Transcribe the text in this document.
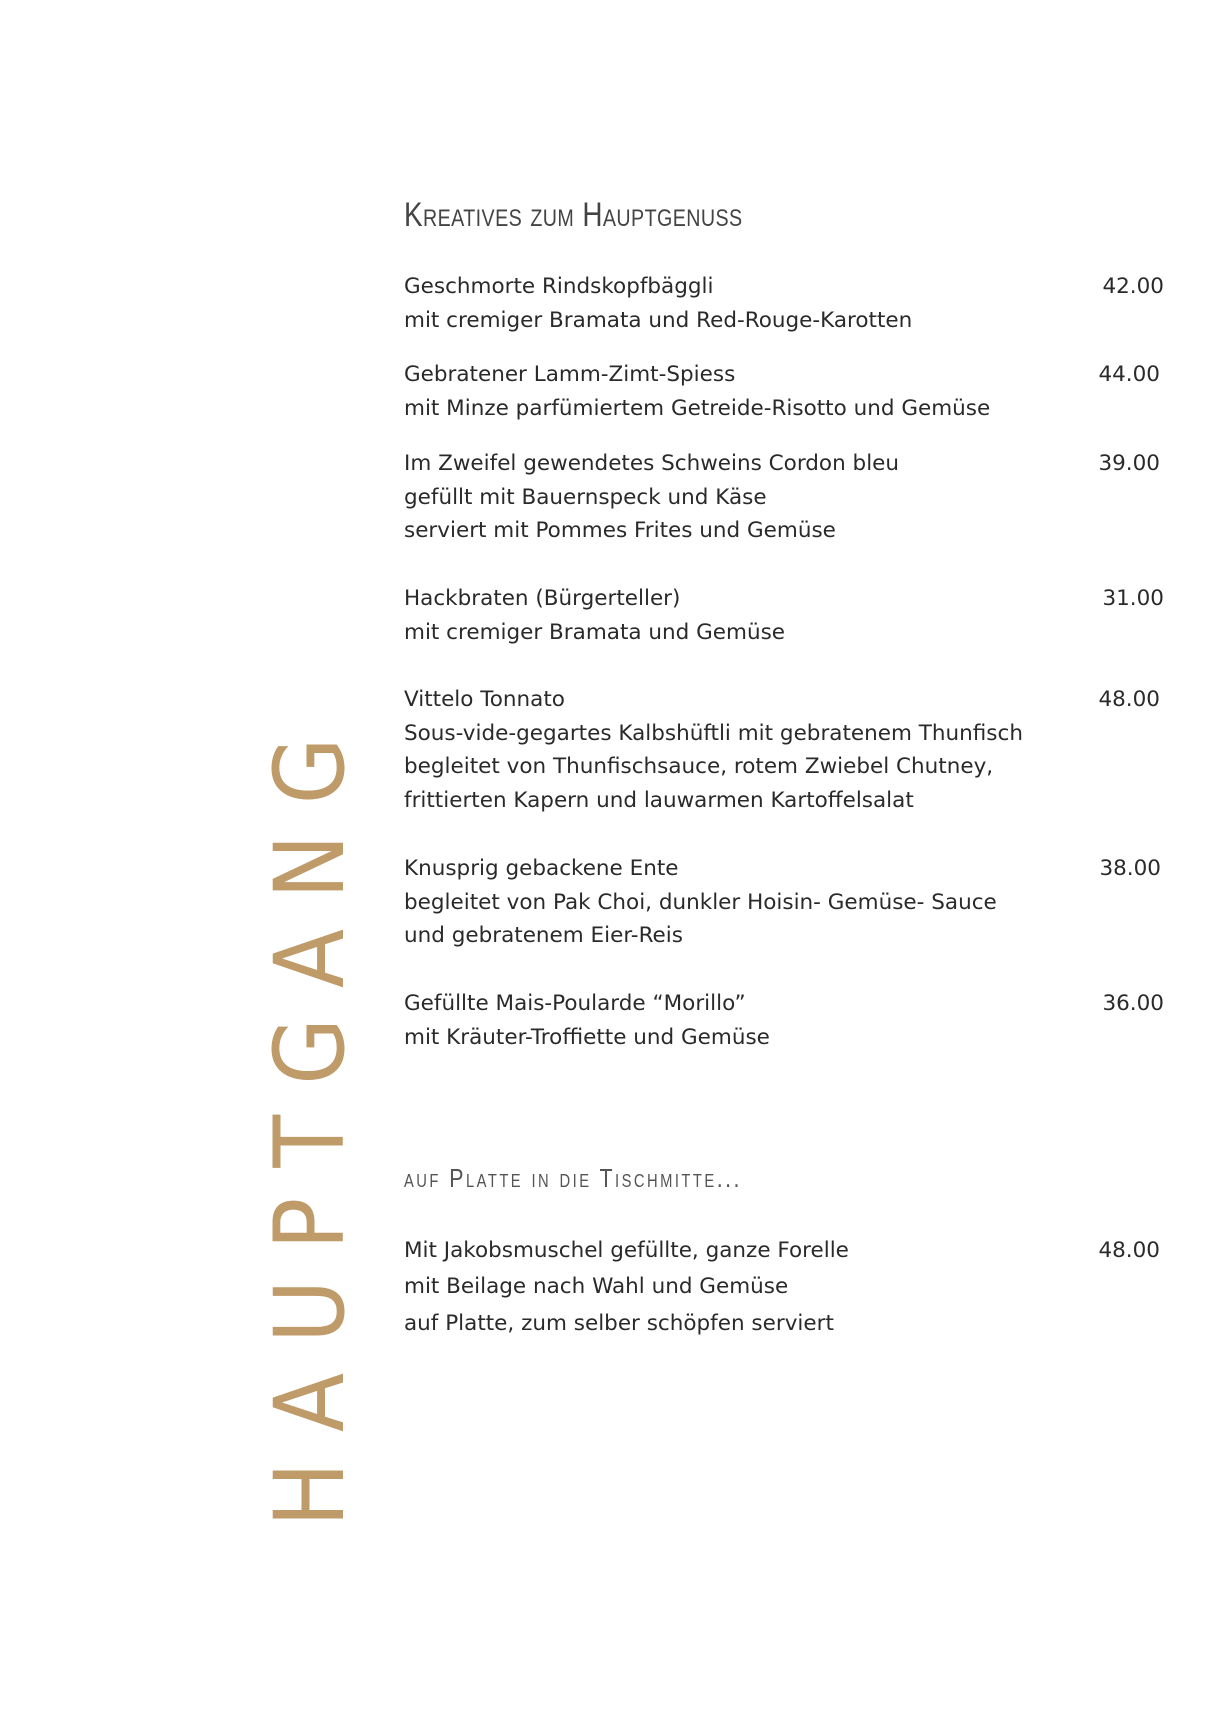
HAUPTGANG
Kreatives zum Hauptgenuss
Geschmorte Rindskopfbäggli
mit cremiger Bramata und Red-Rouge-Karotten
42.00
Gebratener Lamm-Zimt-Spiess
mit Minze parfümiertem Getreide-Risotto und Gemüse
44.00
Im Zweifel gewendetes Schweins Cordon bleu
gefüllt mit Bauernspeck und Käse
serviert mit Pommes Frites und Gemüse
39.00
Hackbraten (Bürgerteller)
mit cremiger Bramata und Gemüse
31.00
Vittelo Tonnato
Sous-vide-gegartes Kalbshüftli mit gebratenem Thunfisch
begleitet von Thunfischsauce, rotem Zwiebel Chutney,
frittierten Kapern und lauwarmen Kartoffelsalat
48.00
Knusprig gebackene Ente
begleitet von Pak Choi, dunkler Hoisin- Gemüse- Sauce
und gebratenem Eier-Reis
38.00
Gefüllte Mais-Poularde “Morillo”
mit Kräuter-Troffiette und Gemüse
36.00
auf Platte in die Tischmitte...
Mit Jakobsmuschel gefüllte, ganze Forelle
mit Beilage nach Wahl und Gemüse
auf Platte, zum selber schöpfen serviert
48.00
